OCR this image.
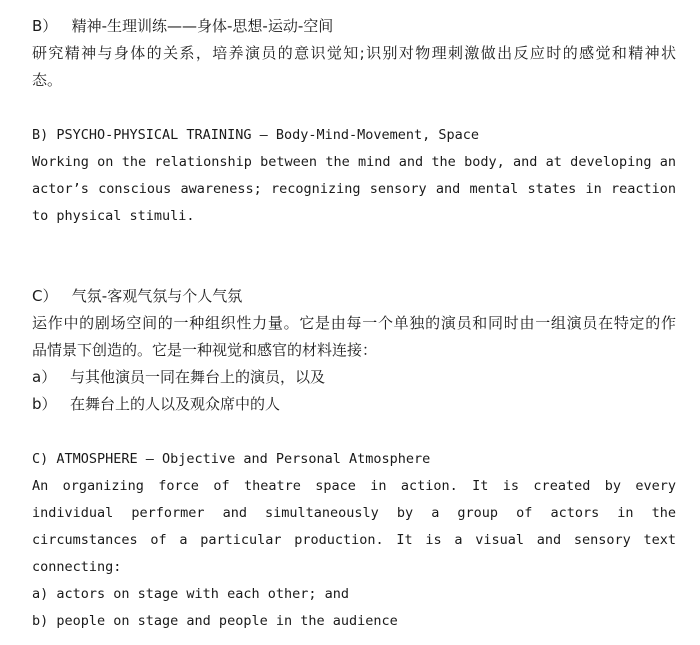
B）   精神-生理训练——身体-思想-运动-空间
研究精神与身体的关系，培养演员的意识觉知;识别对物理刺激做出反应时的感觉和精神状
态。
B) PSYCHO-PHYSICAL TRAINING – Body-Mind-Movement, Space
Working on the relationship between the mind and the body, and at developing an
actor’s conscious awareness; recognizing sensory and mental states in reaction
to physical stimuli.
C）   气氛-客观气氛与个人气氛
运作中的剧场空间的一种组织性力量。它是由每一个单独的演员和同时由一组演员在特定的作
品情景下创造的。它是一种视觉和感官的材料连接：
a） 与其他演员一同在舞台上的演员，以及
b） 在舞台上的人以及观众席中的人
C) ATMOSPHERE – Objective and Personal Atmosphere
An organizing force of theatre space in action. It is created by every
individual performer and simultaneously by a group of actors in the
circumstances of a particular production. It is a visual and sensory text
connecting:
a) actors on stage with each other; and
b) people on stage and people in the audience
